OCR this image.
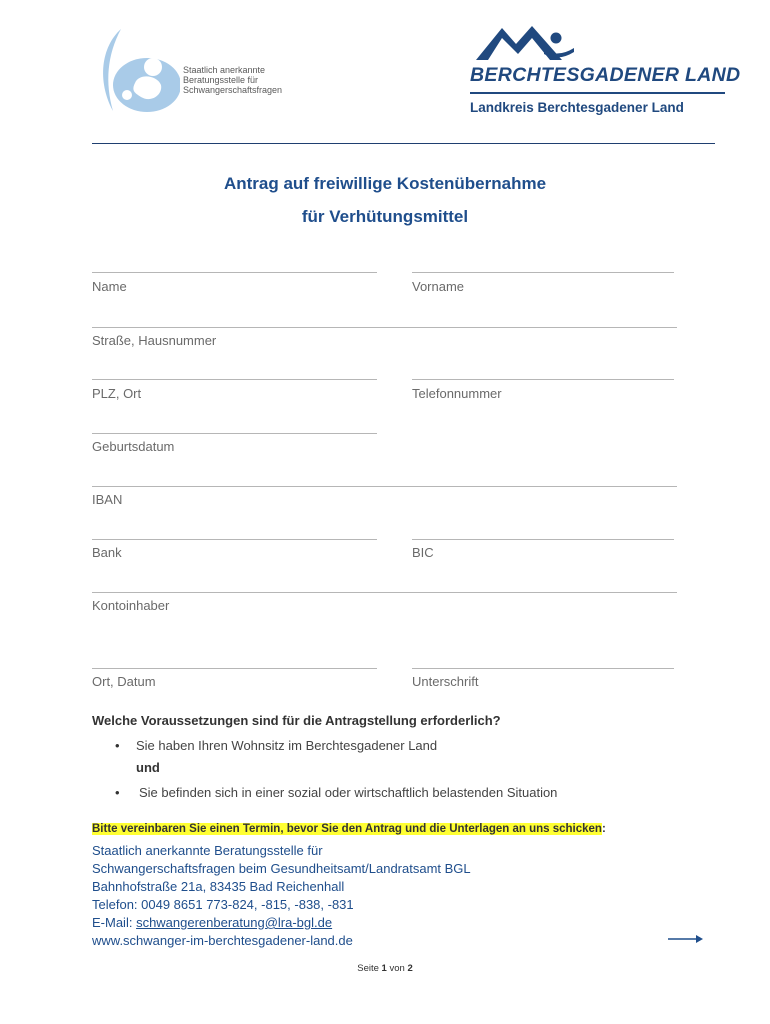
Staatlich anerkannte
Beratungsstelle für
Schwangerschaftsfragen
BERCHTESGADENER LAND
Landkreis Berchtesgadener Land
Antrag auf freiwillige Kostenübernahme
für Verhütungsmittel
Name	Vorname
Straße, Hausnummer
PLZ, Ort	Telefonnummer
Geburtsdatum
IBAN
Bank	BIC
Kontoinhaber
Ort, Datum	Unterschrift
Welche Voraussetzungen sind für die Antragstellung erforderlich?
• Sie haben Ihren Wohnsitz im Berchtesgadener Land
und
• Sie befinden sich in einer sozial oder wirtschaftlich belastenden Situation
Bitte vereinbaren Sie einen Termin, bevor Sie den Antrag und die Unterlagen an uns schicken:
Staatlich anerkannte Beratungsstelle für
Schwangerschaftsfragen beim Gesundheitsamt/Landratsamt BGL
Bahnhofstraße 21a, 83435 Bad Reichenhall
Telefon: 0049 8651 773-824, -815, -838, -831
E-Mail: schwangerenberatung@lra-bgl.de
www.schwanger-im-berchtesgadener-land.de
Seite 1 von 2
